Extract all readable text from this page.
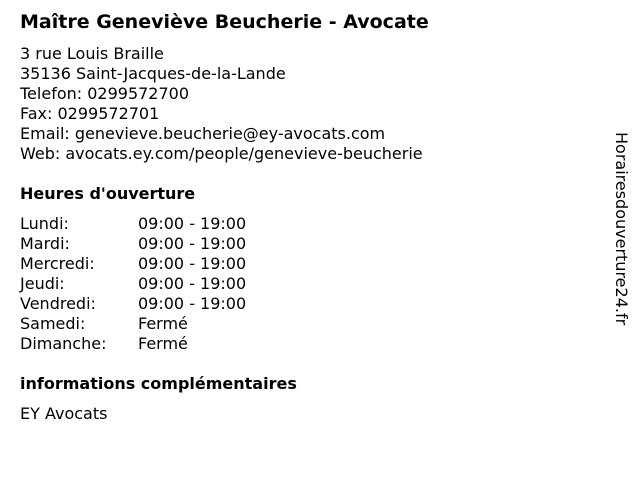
Maître Geneviève Beucherie - Avocate
3 rue Louis Braille
35136 Saint-Jacques-de-la-Lande
Telefon: 0299572700
Fax: 0299572701
Email: genevieve.beucherie@ey-avocats.com
Web: avocats.ey.com/people/genevieve-beucherie
Heures d'ouverture
Lundi:	09:00 - 19:00
Mardi:	09:00 - 19:00
Mercredi:	09:00 - 19:00
Jeudi:	09:00 - 19:00
Vendredi:	09:00 - 19:00
Samedi:	Fermé
Dimanche: Fermé
informations complémentaires
EY Avocats
Horairesdouverture24.fr
